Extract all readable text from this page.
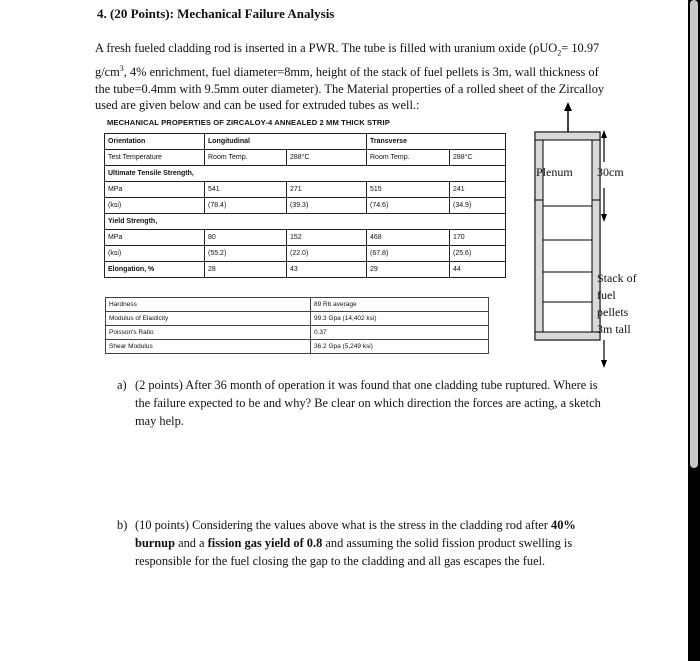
4. (20 Points): Mechanical Failure Analysis

A fresh fueled cladding rod is inserted in a PWR. The tube is filled with uranium oxide (ρUO$_2$= 10.97 $g/cm^3$, 4% enrichment, fuel diameter=8mm, height of the stack of fuel pellets is 3m, wall thickness of the tube=0.4mm with 9.5mm outer diameter). The Material properties of a rolled sheet of the Zircalloy used are given below and can be used for extruded tubes as well.:

MECHANICAL PROPERTIES OF ZIRCALOY-4 ANNEALED 2 MM THICK STRIP
Orientation	Longitudinal		Transverse	
Test Temperature	Room Temp.	288°C	Room Temp.	288°C
Ultimate Tensile Strength,				
MPa	541	271	515	241
(ksi)	(78.4)	(39.3)	(74.6)	(34.9)
Yield Strength,				
MPa	80	152	468	170
(ksi)	(55.2)	(22.0)	(67.8)	(25.6)
Elongation, %	28	43	29	44
Hardness	89 Rb average
Modulus of Elasticity	99.3 Gpa (14,402 ksi)
Poisson's Ratio	0.37
Shear Modulus	36.2 Gpa (5,249 ksi)
Plenum 30cm
Stack of
fuel
pellets
3m tall
a) (2 points) After 36 month of operation it was found that one cladding tube ruptured. Where is the failure expected to be and why? Be clear on which direction the forces are acting, a sketch may help.
b) (10 points) Considering the values above what is the stress in the cladding rod after 40% burnup and a fission gas yield of 0.8 and assuming the solid fission product swelling is responsible for the fuel closing the gap to the cladding and all gas escapes the fuel.
